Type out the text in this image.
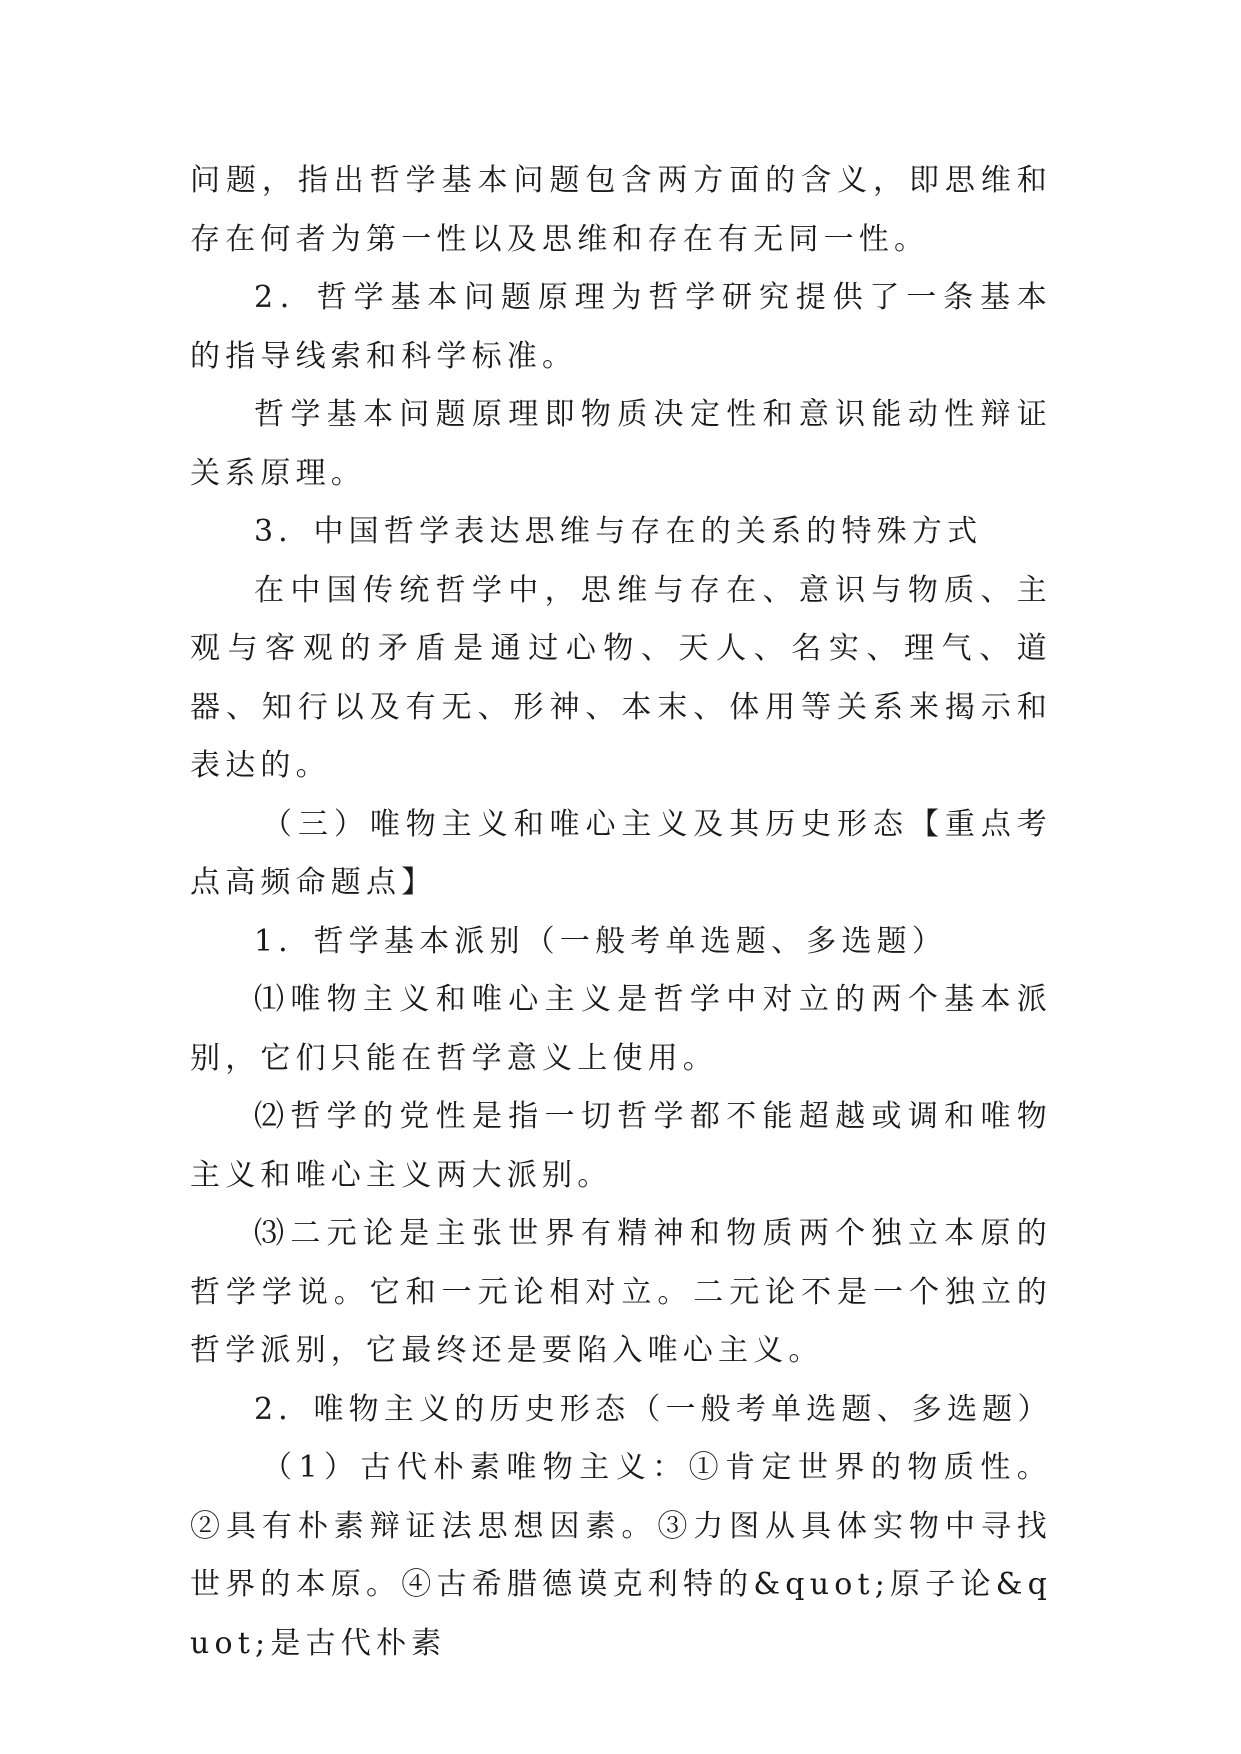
问题，指出哲学基本问题包含两方面的含义，即思维和存在何者为第一性以及思维和存在有无同一性。

2．哲学基本问题原理为哲学研究提供了一条基本的指导线索和科学标准。

哲学基本问题原理即物质决定性和意识能动性辩证关系原理。

3．中国哲学表达思维与存在的关系的特殊方式

在中国传统哲学中，思维与存在、意识与物质、主观与客观的矛盾是通过心物、天人、名实、理气、道器、知行以及有无、形神、本末、体用等关系来揭示和表达的。

（三）唯物主义和唯心主义及其历史形态【重点考点高频命题点】

1．哲学基本派别（一般考单选题、多选题）

⑴唯物主义和唯心主义是哲学中对立的两个基本派别，它们只能在哲学意义上使用。

⑵哲学的党性是指一切哲学都不能超越或调和唯物主义和唯心主义两大派别。

⑶二元论是主张世界有精神和物质两个独立本原的哲学学说。它和一元论相对立。二元论不是一个独立的哲学派别，它最终还是要陷入唯心主义。

2．唯物主义的历史形态（一般考单选题、多选题）

（1）古代朴素唯物主义：①肯定世界的物质性。②具有朴素辩证法思想因素。③力图从具体实物中寻找世界的本原。④古希腊德谟克利特的&quot;原子论&quot;是古代朴素
